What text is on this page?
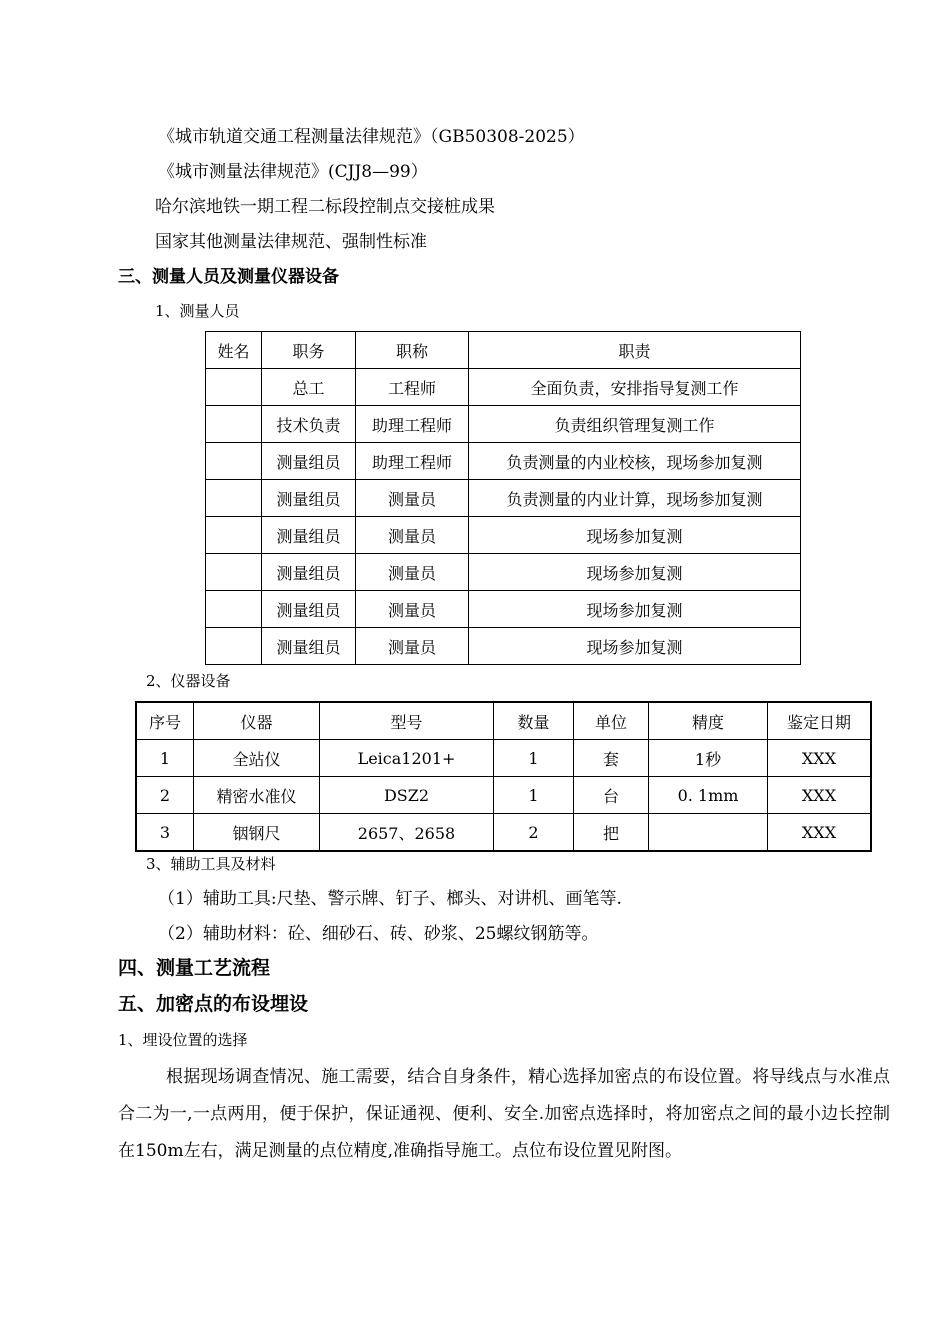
《城市轨道交通工程测量法律规范》（GB50308-2025）
《城市测量法律规范》(CJJ8—99）
哈尔滨地铁一期工程二标段控制点交接桩成果
国家其他测量法律规范、强制性标准
三、测量人员及测量仪器设备
1、测量人员
姓名	职务	职称	职责
	总工	工程师	全面负责，安排指导复测工作
	技术负责	助理工程师	负责组织管理复测工作
	测量组员	助理工程师	负责测量的内业校核，现场参加复测
	测量组员	测量员	负责测量的内业计算，现场参加复测
	测量组员	测量员	现场参加复测
	测量组员	测量员	现场参加复测
	测量组员	测量员	现场参加复测
	测量组员	测量员	现场参加复测
2、仪器设备
序号	仪器	型号	数量	单位	精度	鉴定日期
1	全站仪	Leica1201+	1	套	1秒	XXX
2	精密水准仪	DSZ2	1	台	0. 1mm	XXX
3	铟钢尺	2657、2658	2	把		XXX
3、辅助工具及材料
（1）辅助工具:尺垫、警示牌、钉子、榔头、对讲机、画笔等.
（2）辅助材料：砼、细砂石、砖、砂浆、25螺纹钢筋等。
四、测量工艺流程
五、加密点的布设埋设
1、埋设位置的选择
根据现场调查情况、施工需要，结合自身条件，精心选择加密点的布设位置。将导线点与水准点合二为一,一点两用，便于保护，保证通视、便利、安全.加密点选择时，将加密点之间的最小边长控制在150m左右，满足测量的点位精度,准确指导施工。点位布设位置见附图。
